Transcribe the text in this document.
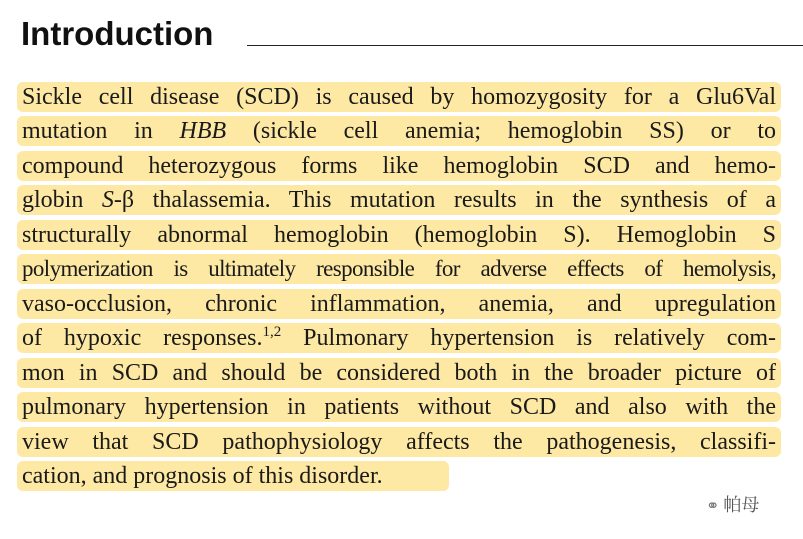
Introduction
Sickle cell disease (SCD) is caused by homozygosity for a Glu6Val
mutation in HBB (sickle cell anemia; hemoglobin SS) or to
compound heterozygous forms like hemoglobin SCD and hemo-
globin S-β thalassemia. This mutation results in the synthesis of a
structurally abnormal hemoglobin (hemoglobin S). Hemoglobin S
polymerization is ultimately responsible for adverse effects of hemolysis,
vaso-occlusion, chronic inflammation, anemia, and upregulation
of hypoxic responses.$^{1,2}$ Pulmonary hypertension is relatively com-
mon in SCD and should be considered both in the broader picture of
pulmonary hypertension in patients without SCD and also with the
view that SCD pathophysiology affects the pathogenesis, classifi-
cation, and prognosis of this disorder.
⚭ 帕母
